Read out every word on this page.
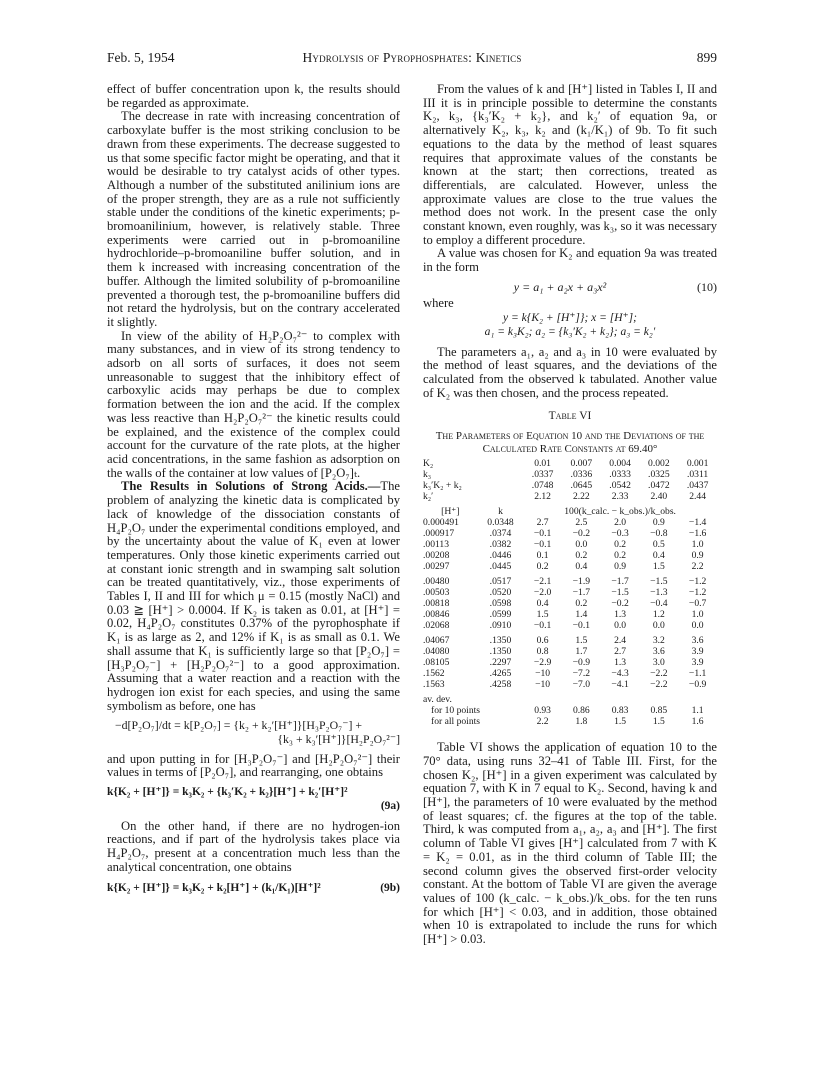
Feb. 5, 1954	Hydrolysis of Pyrophosphates: Kinetics	899

effect of buffer concentration upon k, the results should be regarded as approximate.

The decrease in rate with increasing concentration of carboxylate buffer is the most striking conclusion to be drawn from these experiments. The decrease suggested to us that some specific factor might be operating, and that it would be desirable to try catalyst acids of other types. Although a number of the substituted anilinium ions are of the proper strength, they are as a rule not sufficiently stable under the conditions of the kinetic experiments; p-bromoanilinium, however, is relatively stable. Three experiments were carried out in p-bromoaniline hydrochloride–p-bromoaniline buffer solution, and in them k increased with increasing concentration of the buffer. Although the limited solubility of p-bromoaniline prevented a thorough test, the p-bromoaniline buffers did not retard the hydrolysis, but on the contrary accelerated it slightly.

In view of the ability of H₂P₂O₇²⁻ to complex with many substances, and in view of its strong tendency to adsorb on all sorts of surfaces, it does not seem unreasonable to suggest that the inhibitory effect of carboxylic acids may perhaps be due to complex formation between the ion and the acid. If the complex was less reactive than H₂P₂O₇²⁻ the kinetic results could be explained, and the existence of the complex could account for the curvature of the rate plots, at the higher acid concentrations, in the same fashion as adsorption on the walls of the container at low values of [P₂O₇]ₜ.

The Results in Solutions of Strong Acids.—The problem of analyzing the kinetic data is complicated by lack of knowledge of the dissociation constants of H₄P₂O₇ under the experimental conditions employed, and by the uncertainty about the value of K₁ even at lower temperatures. Only those kinetic experiments carried out at constant ionic strength and in swamping salt solution can be treated quantitatively, viz., those experiments of Tables I, II and III for which μ = 0.15 (mostly NaCl) and 0.03 ≧ [H⁺] > 0.0004. If K₂ is taken as 0.01, at [H⁺] = 0.02, H₄P₂O₇ constitutes 0.37% of the pyrophosphate if K₁ is as large as 2, and 12% if K₁ is as small as 0.1. We shall assume that K₁ is sufficiently large so that [P₂O₇] = [H₃P₂O₇⁻] + [H₂P₂O₇²⁻] to a good approximation. Assuming that a water reaction and a reaction with the hydrogen ion exist for each species, and using the same symbolism as before, one has

−d[P₂O₇]/dt = k[P₂O₇] = {k₂ + k₂′[H⁺]}[H₃P₂O₇⁻] +
{k₃ + k₃′[H⁺]}[H₂P₂O₇²⁻]

and upon putting in for [H₃P₂O₇⁻] and [H₂P₂O₇²⁻] their values in terms of [P₂O₇], and rearranging, one obtains

k{K₂ + [H⁺]} = k₃K₂ + {k₃′K₂ + k₂}[H⁺] + k₂′[H⁺]²
(9a)

On the other hand, if there are no hydrogen-ion reactions, and if part of the hydrolysis takes place via H₄P₂O₇, present at a concentration much less than the analytical concentration, one obtains

k{K₂ + [H⁺]} = k₃K₂ + k₂[H⁺] + (k₁/K₁)[H⁺]²	(9b)

From the values of k and [H⁺] listed in Tables I, II and III it is in principle possible to determine the constants K₂, k₃, {k₃′K₂ + k₂}, and k₂′ of equation 9a, or alternatively K₂, k₃, k₂ and (k₁/K₁) of 9b. To fit such equations to the data by the method of least squares requires that approximate values of the constants be known at the start; then corrections, treated as differentials, are calculated. However, unless the approximate values are close to the true values the method does not work. In the present case the only constant known, even roughly, was k₃, so it was necessary to employ a different procedure.

A value was chosen for K₂ and equation 9a was treated in the form

y = a₁ + a₂x + a₃x²	(10)

where

y = k{K₂ + [H⁺]}; x = [H⁺];
a₁ = k₃K₂; a₂ = {k₃′K₂ + k₂}; a₃ = k₂′

The parameters a₁, a₂ and a₃ in 10 were evaluated by the method of least squares, and the deviations of the calculated from the observed k tabulated. Another value of K₂ was then chosen, and the process repeated.

Table VI
The Parameters of Equation 10 and the Deviations of the Calculated Rate Constants at 69.40°
K₂		0.01	0.007	0.004	0.002	0.001
k₃		.0337	.0336	.0333	.0325	.0311
k₃′K₂ + k₂		.0748	.0645	.0542	.0472	.0437
k₂′		2.12	2.22	2.33	2.40	2.44
[H⁺]	k	100(k_calc. − k_obs.)/k_obs.				
0.000491	0.0348	2.7	2.5	2.0	0.9	−1.4
.000917	.0374	−0.1	−0.2	−0.3	−0.8	−1.6
.00113	.0382	−0.1	0.0	0.2	0.5	1.0
.00208	.0446	0.1	0.2	0.2	0.4	0.9
.00297	.0445	0.2	0.4	0.9	1.5	2.2
.00480	.0517	−2.1	−1.9	−1.7	−1.5	−1.2
.00503	.0520	−2.0	−1.7	−1.5	−1.3	−1.2
.00818	.0598	0.4	0.2	−0.2	−0.4	−0.7
.00846	.0599	1.5	1.4	1.3	1.2	1.0
.02068	.0910	−0.1	−0.1	0.0	0.0	0.0
.04067	.1350	0.6	1.5	2.4	3.2	3.6
.04080	.1350	0.8	1.7	2.7	3.6	3.9
.08105	.2297	−2.9	−0.9	1.3	3.0	3.9
.1562	.4265	−10	−7.2	−4.3	−2.2	−1.1
.1563	.4258	−10	−7.0	−4.1	−2.2	−0.9
av. dev.						
for 10 points		0.93	0.86	0.83	0.85	1.1
for all points		2.2	1.8	1.5	1.5	1.6

Table VI shows the application of equation 10 to the 70° data, using runs 32–41 of Table III. First, for the chosen K₂, [H⁺] in a given experiment was calculated by equation 7, with K in 7 equal to K₂. Second, having k and [H⁺], the parameters of 10 were evaluated by the method of least squares; cf. the figures at the top of the table. Third, k was computed from a₁, a₂, a₃ and [H⁺]. The first column of Table VI gives [H⁺] calculated from 7 with K = K₂ = 0.01, as in the third column of Table III; the second column gives the observed first-order velocity constant. At the bottom of Table VI are given the average values of 100 (k_calc. − k_obs.)/k_obs. for the ten runs for which [H⁺] < 0.03, and in addition, those obtained when 10 is extrapolated to include the runs for which [H⁺] > 0.03.
